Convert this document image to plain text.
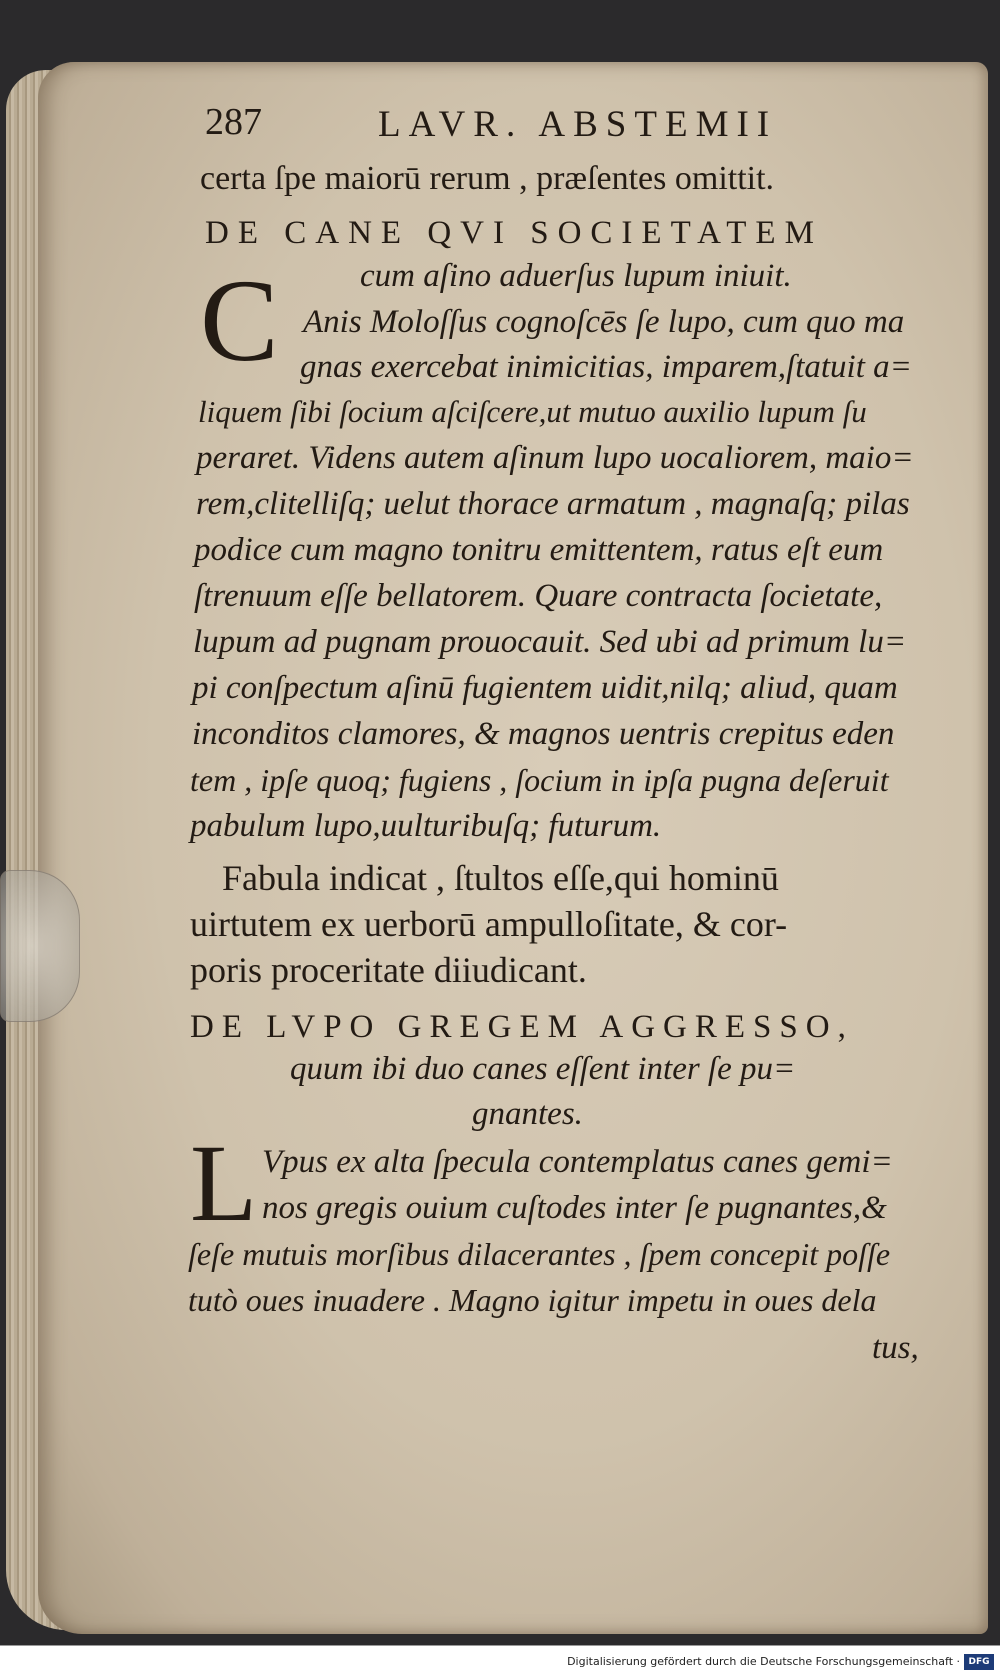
287	LAVR. ABSTEMII
certa ſpe maiorū rerum , præſentes omittit.
DE CANE QVI SOCIETATEM
cum aſino aduerſus lupum iniuit.
C Anis Moloſſus cognoſcēs ſe lupo, cum quo ma
gnas exercebat inimicitias, imparem,ſtatuit a=
liquem ſibi ſocium aſciſcere,ut mutuo auxilio lupum ſu
peraret. Videns autem aſinum lupo uocaliorem, maio=
rem,clitelliſq; uelut thorace armatum , magnaſq; pilas
podice cum magno tonitru emittentem, ratus eſt eum
ſtrenuum eſſe bellatorem. Quare contracta ſocietate,
lupum ad pugnam prouocauit. Sed ubi ad primum lu=
pi conſpectum aſinū fugientem uidit,nilq; aliud, quam
inconditos clamores, & magnos uentris crepitus eden
tem , ipſe quoq; fugiens , ſocium in ipſa pugna deſeruit
pabulum lupo,uulturibuſq; futurum.
Fabula indicat , ſtultos eſſe,qui hominū
uirtutem ex uerborū ampulloſitate, & cor-
poris proceritate diiudicant.
DE LVPO GREGEM AGGRESSO,
quum ibi duo canes eſſent inter ſe pu=
gnantes.
L Vpus ex alta ſpecula contemplatus canes gemi=
nos gregis ouium cuſtodes inter ſe pugnantes,&
ſeſe mutuis morſibus dilacerantes , ſpem concepit poſſe
tutò oues inuadere . Magno igitur impetu in oues dela
tus,
Digitalisierung gefördert durch die Deutsche Forschungsgemeinschaft · DFG
